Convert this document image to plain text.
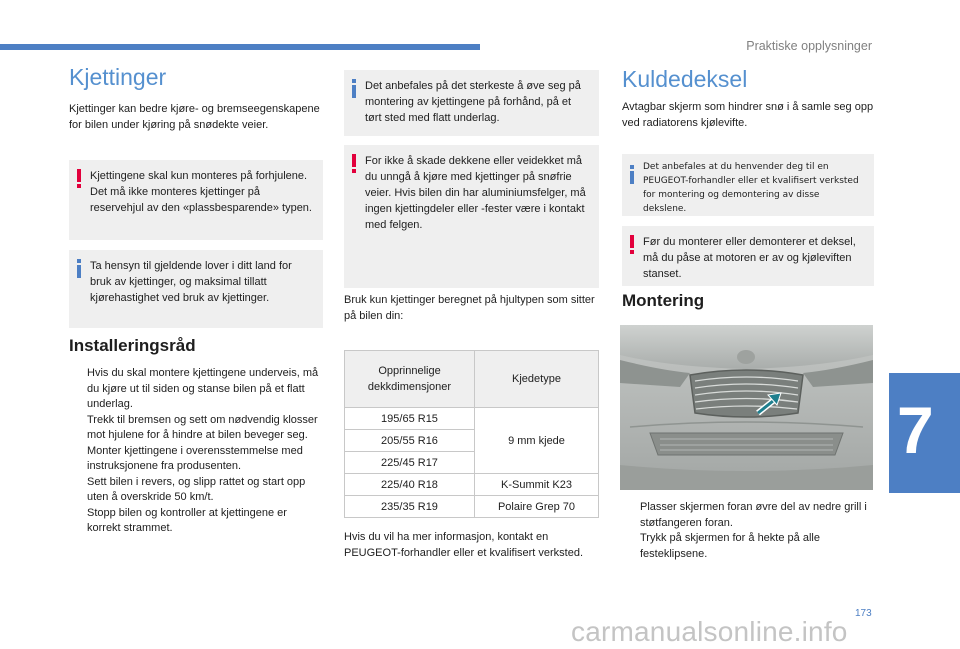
Praktiske opplysninger
Kjettinger
Kjettinger kan bedre kjøre- og bremseegenskapene for bilen under kjøring på snødekte veier.
Kjettingene skal kun monteres på forhjulene. Det må ikke monteres kjettinger på reservehjul av den «plassbesparende» typen.
Ta hensyn til gjeldende lover i ditt land for bruk av kjettinger, og maksimal tillatt kjørehastighet ved bruk av kjettinger.
Installeringsråd
Hvis du skal montere kjettingene underveis, må du kjøre ut til siden og stanse bilen på et flatt underlag.
Trekk til bremsen og sett om nødvendig klosser mot hjulene for å hindre at bilen beveger seg.
Monter kjettingene i overensstemmelse med instruksjonene fra produsenten.
Sett bilen i revers, og slipp rattet og start opp uten å overskride 50 km/t.
Stopp bilen og kontroller at kjettingene er korrekt strammet.
Det anbefales på det sterkeste å øve seg på montering av kjettingene på forhånd, på et tørt sted med flatt underlag.
For ikke å skade dekkene eller veidekket må du unngå å kjøre med kjettinger på snøfrie veier. Hvis bilen din har aluminiumsfelger, må ingen kjettingdeler eller -fester være i kontakt med felgen.
Bruk kun kjettinger beregnet på hjultypen som sitter på bilen din:
Opprinnelige dekkdimensjoner	Kjedetype
195/65 R15	9 mm kjede
205/55 R16	
225/45 R17	
225/40 R18	K-Summit K23
235/35 R19	Polaire Grep 70
Hvis du vil ha mer informasjon, kontakt en PEUGEOT-forhandler eller et kvalifisert verksted.
Kuldedeksel
Avtagbar skjerm som hindrer snø i å samle seg opp ved radiatorens kjølevifte.
Det anbefales at du henvender deg til en PEUGEOT-forhandler eller et kvalifisert verksted for montering og demontering av disse dekslene.
Før du monterer eller demonterer et deksel, må du påse at motoren er av og kjøleviften stanset.
Montering
Plasser skjermen foran øvre del av nedre grill i støtfangeren foran.
Trykk på skjermen for å hekte på alle festeklipsene.
7
173
carmanualsonline.info
